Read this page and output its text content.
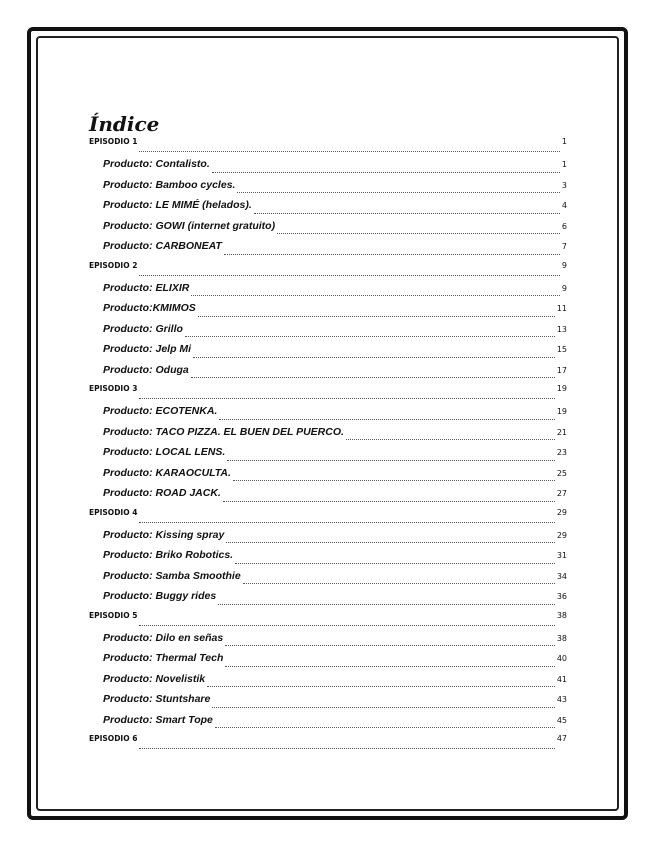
Índice
EPISODIO 1	1
Producto: Contalisto.	1
Producto: Bamboo cycles.	3
Producto: LE MIMÉ (helados).	4
Producto: GOWI (internet gratuito)	6
Producto: CARBONEAT	7
EPISODIO 2	9
Producto: ELIXIR	9
Producto:KMIMOS	11
Producto: Grillo	13
Producto: Jelp Mi	15
Producto: Oduga	17
EPISODIO 3	19
Producto: ECOTENKA.	19
Producto: TACO PIZZA. EL BUEN DEL PUERCO.	21
Producto: LOCAL LENS.	23
Producto: KARAOCULTA.	25
Producto: ROAD JACK.	27
EPISODIO 4	29
Producto: Kissing spray	29
Producto: Briko Robotics.	31
Producto: Samba Smoothie	34
Producto: Buggy rides	36
EPISODIO 5	38
Producto: Dilo en señas	38
Producto: Thermal Tech	40
Producto: Novelistik	41
Producto: Stuntshare	43
Producto: Smart Tope	45
EPISODIO 6	47
